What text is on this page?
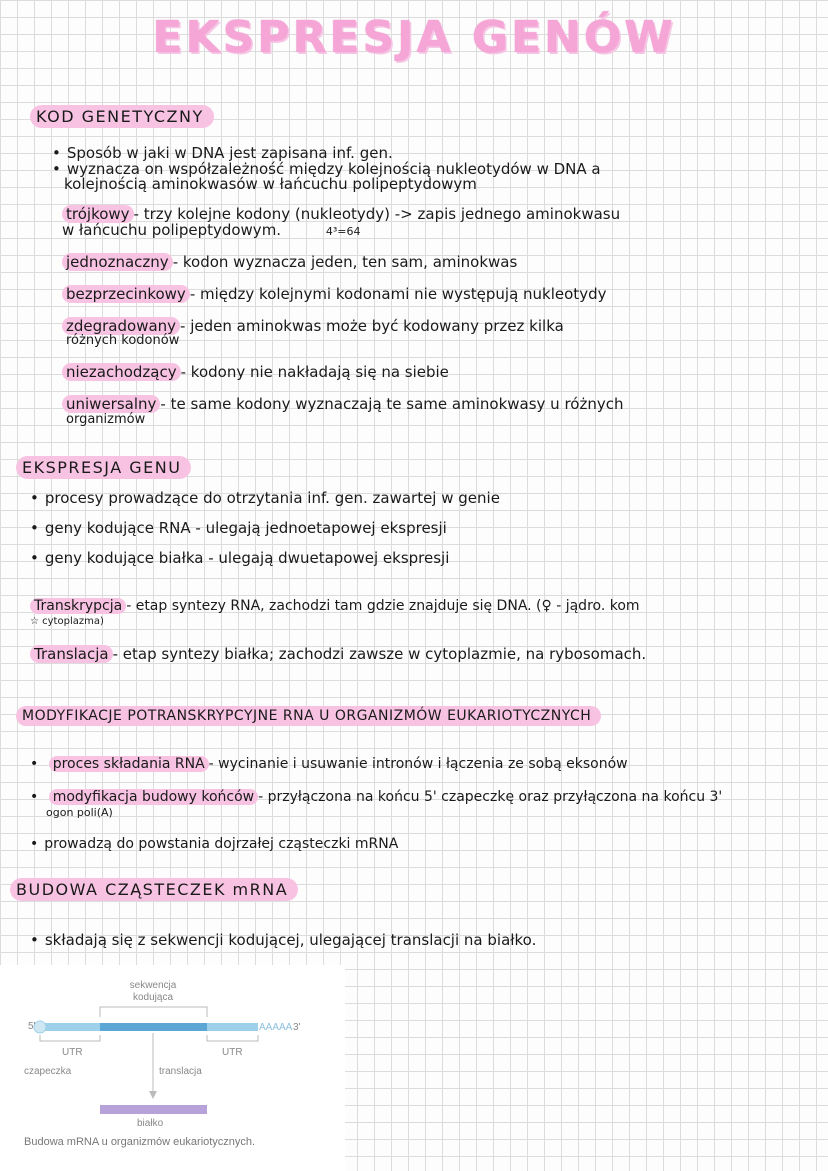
EKSPRESJA GENÓW
KOD GENETYCZNY
• Sposób w jaki w DNA jest zapisana inf. gen.
• wyznacza on współzależność między kolejnością nukleotydów w DNA a
kolejnością aminokwasów w łańcuchu polipeptydowym
trójkowy - trzy kolejne kodony (nukleotydy) -> zapis jednego aminokwasu
w łańcuchu polipeptydowym.	4³=64
jednoznaczny - kodon wyznacza jeden, ten sam, aminokwas
bezprzecinkowy - między kolejnymi kodonami nie występują nukleotydy
zdegradowany - jeden aminokwas może być kodowany przez kilka
różnych kodonów
niezachodzący - kodony nie nakładają się na siebie
uniwersalny - te same kodony wyznaczają te same aminokwasy u różnych
organizmów
EKSPRESJA GENU
• procesy prowadzące do otrzytania inf. gen. zawartej w genie
• geny kodujące RNA - ulegają jednoetapowej ekspresji
• geny kodujące białka - ulegają dwuetapowej ekspresji
Transkrypcja - etap syntezy RNA, zachodzi tam gdzie znajduje się DNA. (♀ - jądro. kom
☆ cytoplazma)
Translacja - etap syntezy białka; zachodzi zawsze w cytoplazmie, na rybosomach.
MODYFIKACJE POTRANSKRYPCYJNE RNA U ORGANIZMÓW EUKARIOTYCZNYCH
• proces składania RNA - wycinanie i usuwanie intronów i łączenia ze sobą eksonów
• modyfikacja budowy końców - przyłączona na końcu 5' czapeczkę oraz przyłączona na końcu 3'
ogon poli(A)
• prowadzą do powstania dojrzałej cząsteczki mRNA
BUDOWA CZĄSTECZEK mRNA
• składają się z sekwencji kodującej, ulegającej translacji na białko.
sekwencja kodująca
5'	AAAAA 3'
UTR	UTR
czapeczka	translacja
białko
Budowa mRNA u organizmów eukariotycznych.
